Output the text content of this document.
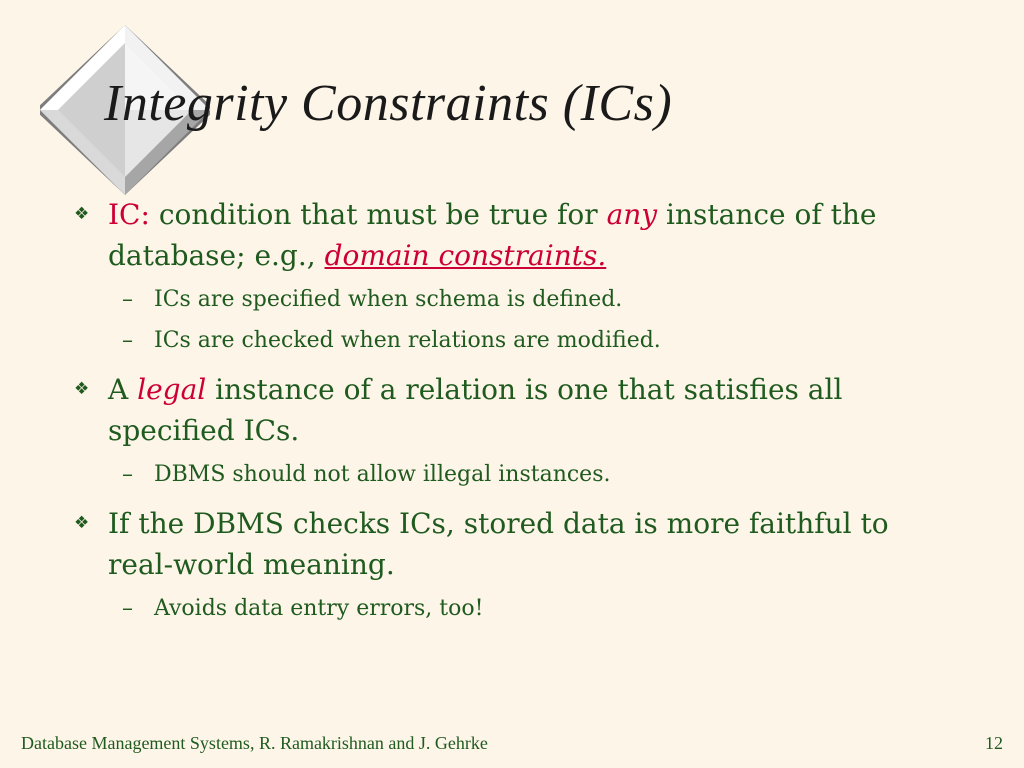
Integrity Constraints (ICs)
❖ IC: condition that must be true for any instance of the database; e.g., domain constraints.
– ICs are specified when schema is defined.
– ICs are checked when relations are modified.
❖ A legal instance of a relation is one that satisfies all specified ICs.
– DBMS should not allow illegal instances.
❖ If the DBMS checks ICs, stored data is more faithful to real-world meaning.
– Avoids data entry errors, too!
Database Management Systems, R. Ramakrishnan and J. Gehrke	12
